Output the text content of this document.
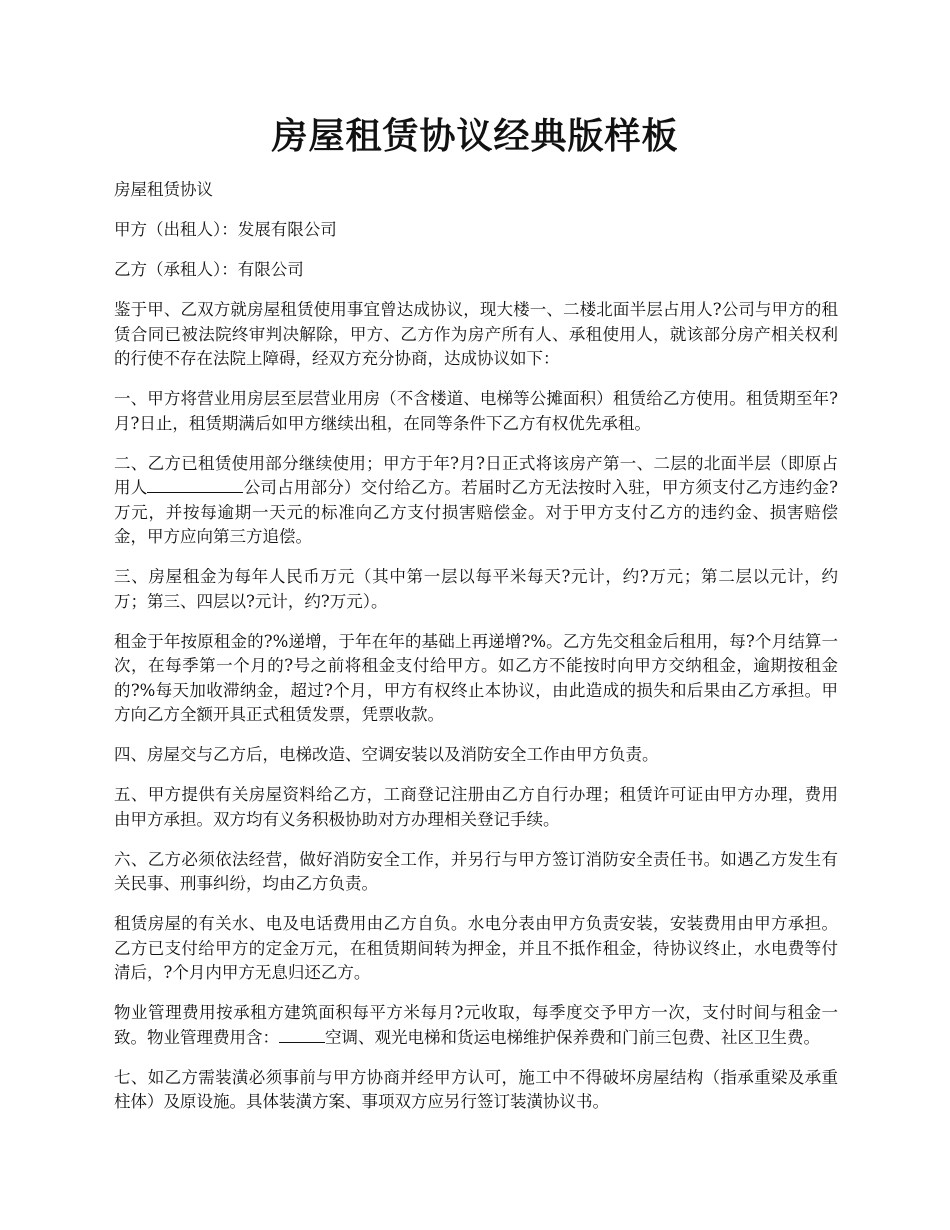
房屋租赁协议经典版样板

房屋租赁协议

甲方（出租人）：发展有限公司

乙方（承租人）：有限公司

鉴于甲、乙双方就房屋租赁使用事宜曾达成协议，现大楼一、二楼北面半层占用人?公司与甲方的租赁合同已被法院终审判决解除，甲方、乙方作为房产所有人、承租使用人，就该部分房产相关权利的行使不存在法院上障碍，经双方充分协商，达成协议如下：

一、甲方将营业用房层至层营业用房（不含楼道、电梯等公摊面积）租赁给乙方使用。租赁期至年?月?日止，租赁期满后如甲方继续出租，在同等条件下乙方有权优先承租。

二、乙方已租赁使用部分继续使用；甲方于年?月?日正式将该房产第一、二层的北面半层（即原占用人	公司占用部分）交付给乙方。若届时乙方无法按时入驻，甲方须支付乙方违约金?万元，并按每逾期一天元的标准向乙方支付损害赔偿金。对于甲方支付乙方的违约金、损害赔偿金，甲方应向第三方追偿。

三、房屋租金为每年人民币万元（其中第一层以每平米每天?元计，约?万元；第二层以元计，约万；第三、四层以?元计，约?万元）。

租金于年按原租金的?%递增，于年在年的基础上再递增?%。乙方先交租金后租用，每?个月结算一次，在每季第一个月的?号之前将租金支付给甲方。如乙方不能按时向甲方交纳租金，逾期按租金的?%每天加收滞纳金，超过?个月，甲方有权终止本协议，由此造成的损失和后果由乙方承担。甲方向乙方全额开具正式租赁发票，凭票收款。

四、房屋交与乙方后，电梯改造、空调安装以及消防安全工作由甲方负责。

五、甲方提供有关房屋资料给乙方，工商登记注册由乙方自行办理；租赁许可证由甲方办理，费用由甲方承担。双方均有义务积极协助对方办理相关登记手续。

六、乙方必须依法经营，做好消防安全工作，并另行与甲方签订消防安全责任书。如遇乙方发生有关民事、刑事纠纷，均由乙方负责。

租赁房屋的有关水、电及电话费用由乙方自负。水电分表由甲方负责安装，安装费用由甲方承担。乙方已支付给甲方的定金万元，在租赁期间转为押金，并且不抵作租金，待协议终止，水电费等付清后，?个月内甲方无息归还乙方。

物业管理费用按承租方建筑面积每平方米每月?元收取，每季度交予甲方一次，支付时间与租金一致。物业管理费用含：	空调、观光电梯和货运电梯维护保养费和门前三包费、社区卫生费。

七、如乙方需装潢必须事前与甲方协商并经甲方认可，施工中不得破坏房屋结构（指承重梁及承重柱体）及原设施。具体装潢方案、事项双方应另行签订装潢协议书。
